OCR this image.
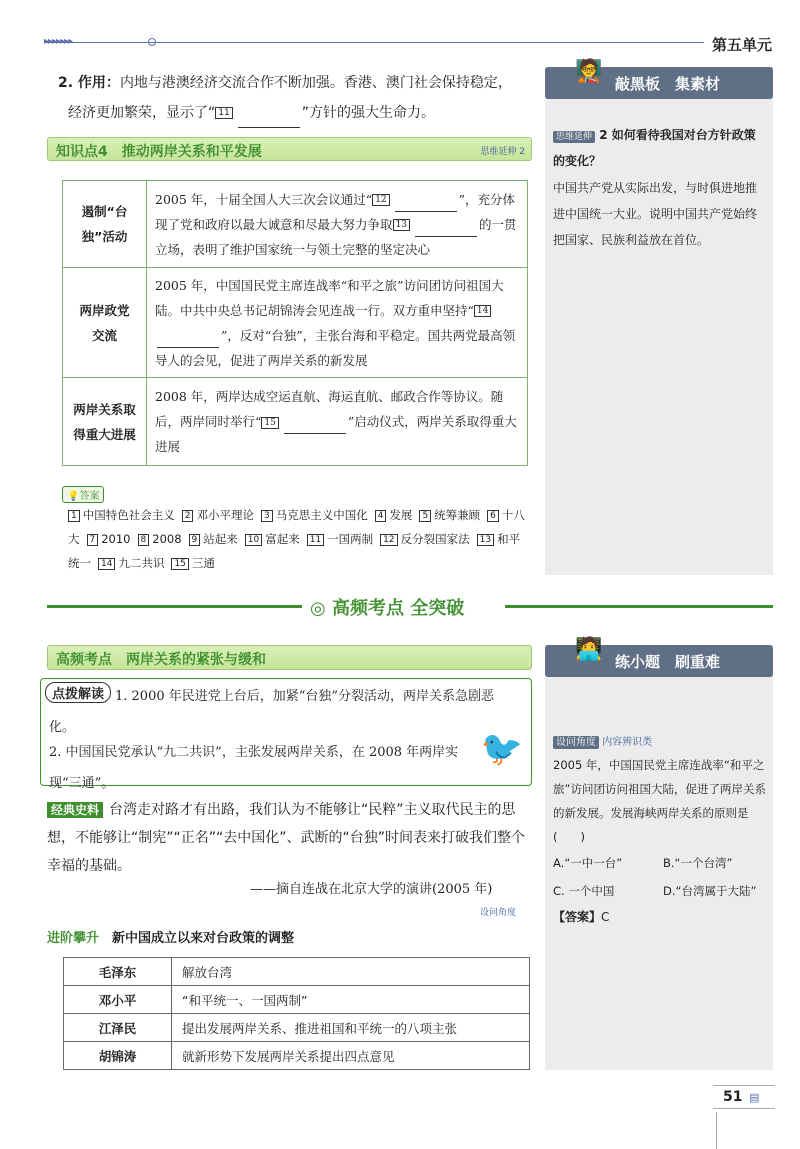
▸▸▸▸▸▸▸	第五单元
2. 作用：内地与港澳经济交流合作不断加强。香港、澳门社会保持稳定，
经济更加繁荣，显示了“ 11	”方针的强大生命力。
知识点4　推动两岸关系和平发展	思维延伸 2
遏制“台独”活动	2005 年，十届全国人大三次会议通过“ 12 ”，充分体现了党和政府以最大诚意和尽最大努力争取 13 的一贯立场，表明了维护国家统一与领土完整的坚定决心
两岸政党交流	2005 年，中国国民党主席连战率“和平之旅”访问团访问祖国大陆。中共中央总书记胡锦涛会见连战一行。双方重申坚持“ 14”，反对“台独”，主张台海和平稳定。国共两党最高领导人的会见，促进了两岸关系的新发展
两岸关系取得重大进展	2008 年，两岸达成空运直航、海运直航、邮政合作等协议。随后，两岸同时举行“ 15 ”启动仪式，两岸关系取得重大进展
💡答案
1 中国特色社会主义 2 邓小平理论 3 马克思主义中国化 4 发展 5 统筹兼顾 6 十八大 7 2010 8 2008 9 站起来 10 富起来 11 一国两制 12 反分裂国家法 13 和平统一 14 九二共识 15 三通
🧑‍🏫 敲黑板　集素材
思维延伸 2 如何看待我国对台方针政策的变化？
中国共产党从实际出发，与时俱进地推进中国统一大业。说明中国共产党始终把国家、民族利益放在首位。
◎ 高频考点 全突破
高频考点　两岸关系的紧张与缓和
点拨解读 1. 2000 年民进党上台后，加紧“台独”分裂活动，两岸关系急剧恶化。
2. 中国国民党承认“九二共识”，主张发展两岸关系，在 2008 年两岸实现“三通”。
🐦
经典史料 台湾走对路才有出路，我们认为不能够让“民粹”主义取代民主的思想，不能够让“制宪”“正名”“去中国化”、武断的“台独”时间表来打破我们整个幸福的基础。
——摘自连战在北京大学的演讲(2005 年)
设问角度
进阶攀升　 新中国成立以来对台政策的调整
毛泽东	解放台湾
邓小平	“和平统一、一国两制”
江泽民	提出发展两岸关系、推进祖国和平统一的八项主张
胡锦涛	就新形势下发展两岸关系提出四点意见
🧑‍💻 练小题　刷重难
设问角度 内容辨识类
2005 年，中国国民党主席连战率“和平之旅”访问团访问祖国大陆，促进了两岸关系的新发展。发展海峡两岸关系的原则是　　(　　)
A.“一中一台”	B.“一个台湾”
C. 一个中国	D.“台湾属于大陆”
【答案】C
51 ▤
